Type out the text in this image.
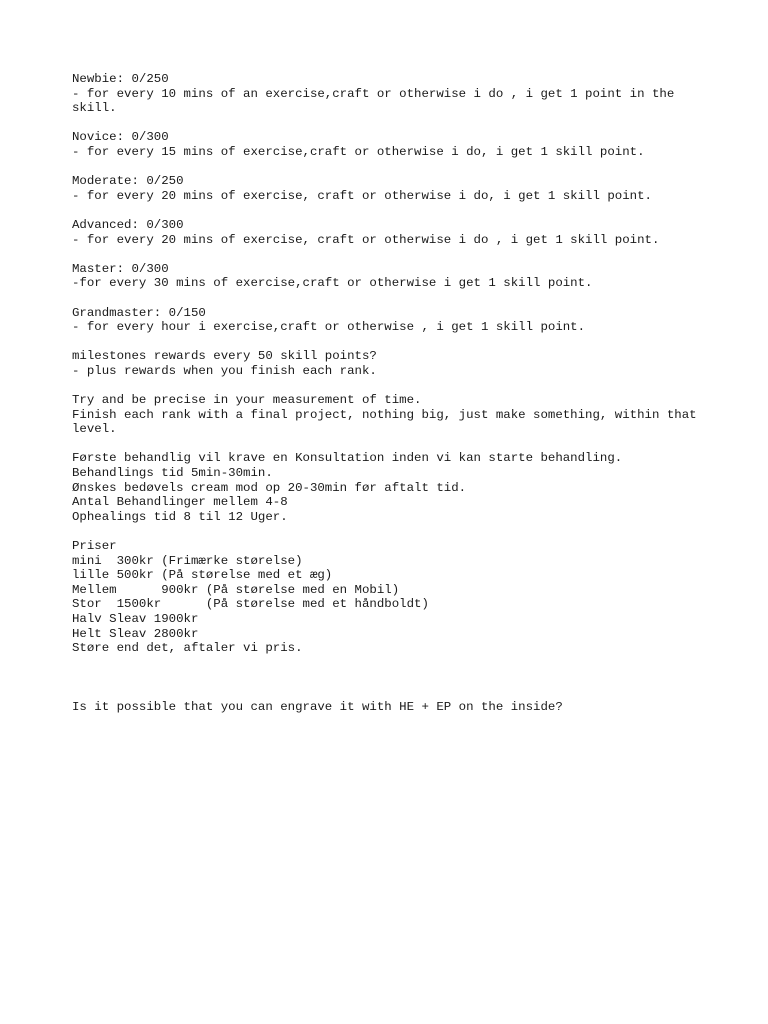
Newbie: 0/250
- for every 10 mins of an exercise,craft or otherwise i do , i get 1 point in the skill.
Novice: 0/300
- for every 15 mins of exercise,craft or otherwise i do, i get 1 skill point.
Moderate: 0/250
- for every 20 mins of exercise, craft or otherwise i do, i get 1 skill point.
Advanced: 0/300
- for every 20 mins of exercise, craft or otherwise i do , i get 1 skill point.
Master: 0/300
-for every 30 mins of exercise,craft or otherwise i get 1 skill point.
Grandmaster: 0/150
- for every hour i exercise,craft or otherwise , i get 1 skill point.
milestones rewards every 50 skill points?
- plus rewards when you finish each rank.
Try and be precise in your measurement of time.
Finish each rank with a final project, nothing big, just make something, within that level.
Første behandlig vil krave en Konsultation inden vi kan starte behandling.
Behandlings tid 5min-30min.
Ønskes bedøvels cream mod op 20-30min før aftalt tid.
Antal Behandlinger mellem 4-8
Ophealings tid 8 til 12 Uger.
Priser
mini  300kr (Frimærke størelse)
lille 500kr (På størelse med et æg)
Mellem      900kr (På størelse med en Mobil)
Stor  1500kr      (På størelse med et håndboldt)
Halv Sleav 1900kr
Helt Sleav 2800kr
Støre end det, aftaler vi pris.
Is it possible that you can engrave it with HE + EP on the inside?
